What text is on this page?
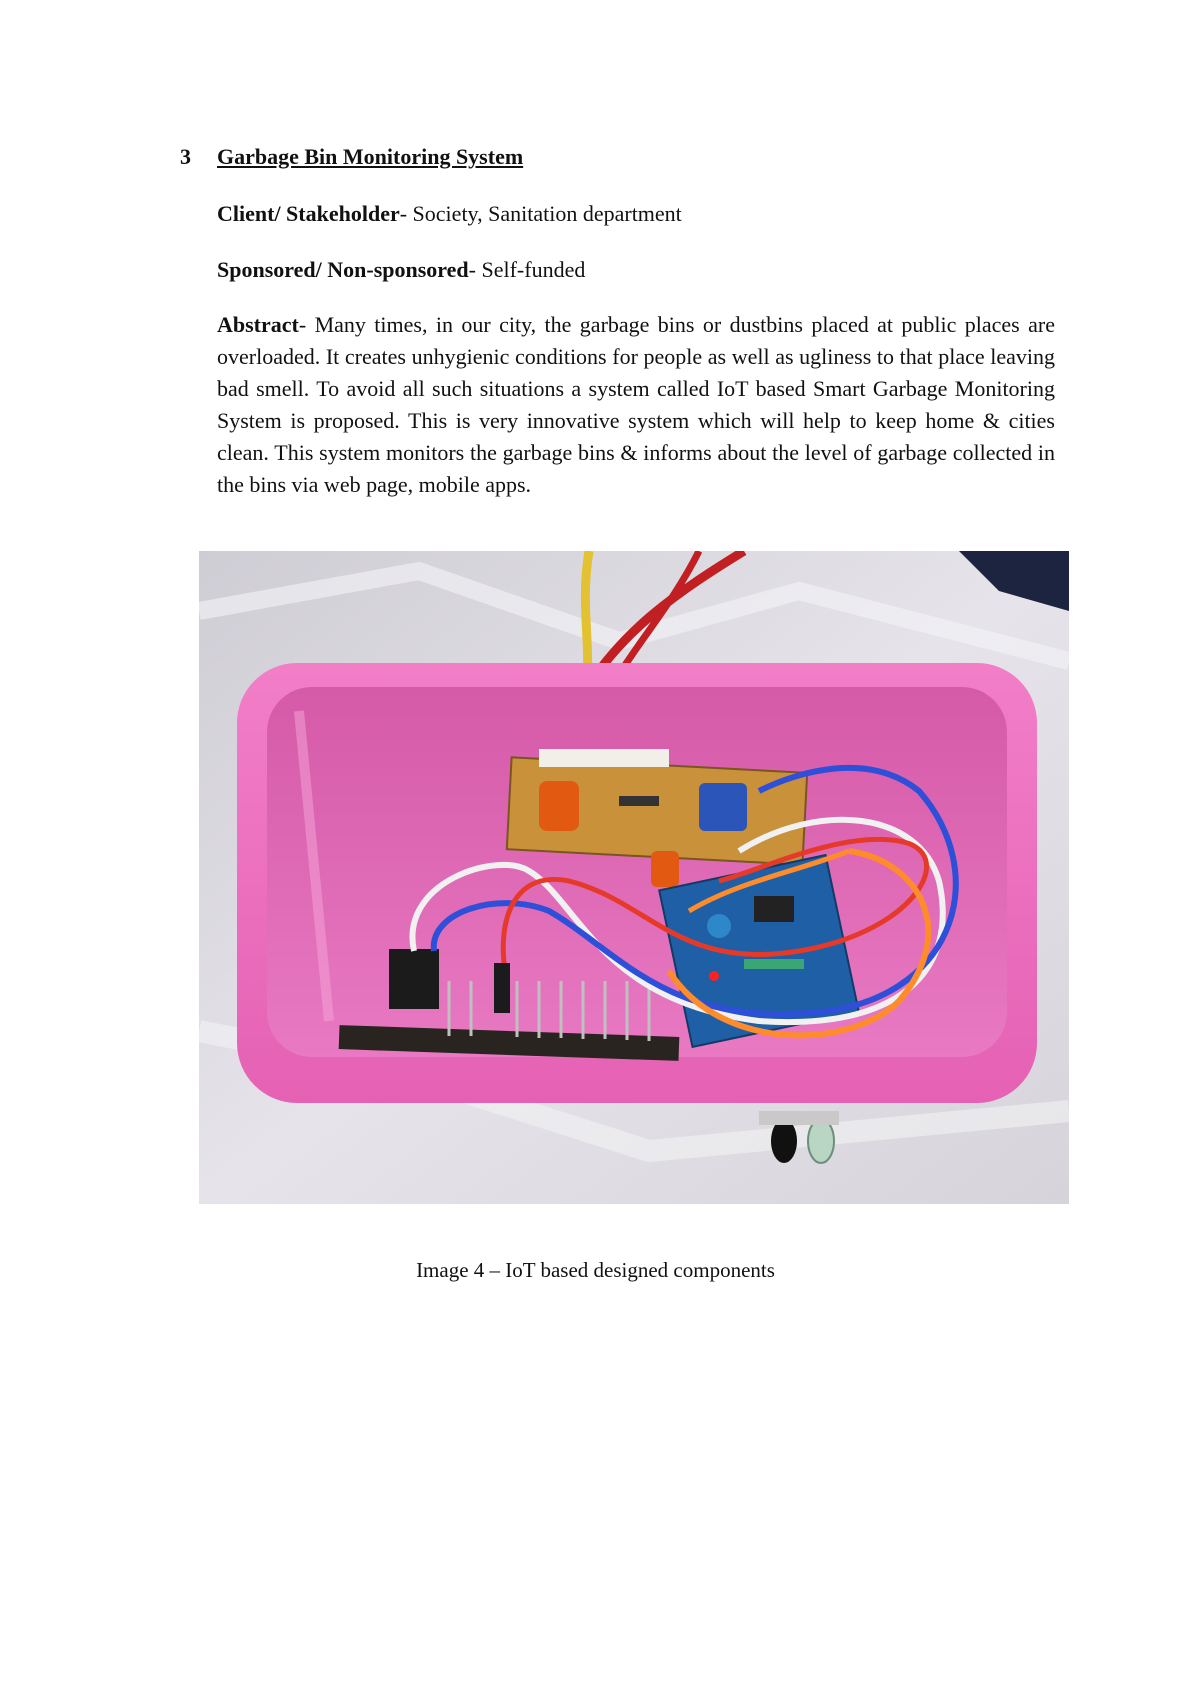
3 Garbage Bin Monitoring System
Client/ Stakeholder- Society, Sanitation department
Sponsored/ Non-sponsored- Self-funded
Abstract- Many times, in our city, the garbage bins or dustbins placed at public places are overloaded. It creates unhygienic conditions for people as well as ugliness to that place leaving bad smell. To avoid all such situations a system called IoT based Smart Garbage Monitoring System is proposed. This is very innovative system which will help to keep home & cities clean. This system monitors the garbage bins & informs about the level of garbage collected in the bins via web page, mobile apps.
Image 4 – IoT based designed components
